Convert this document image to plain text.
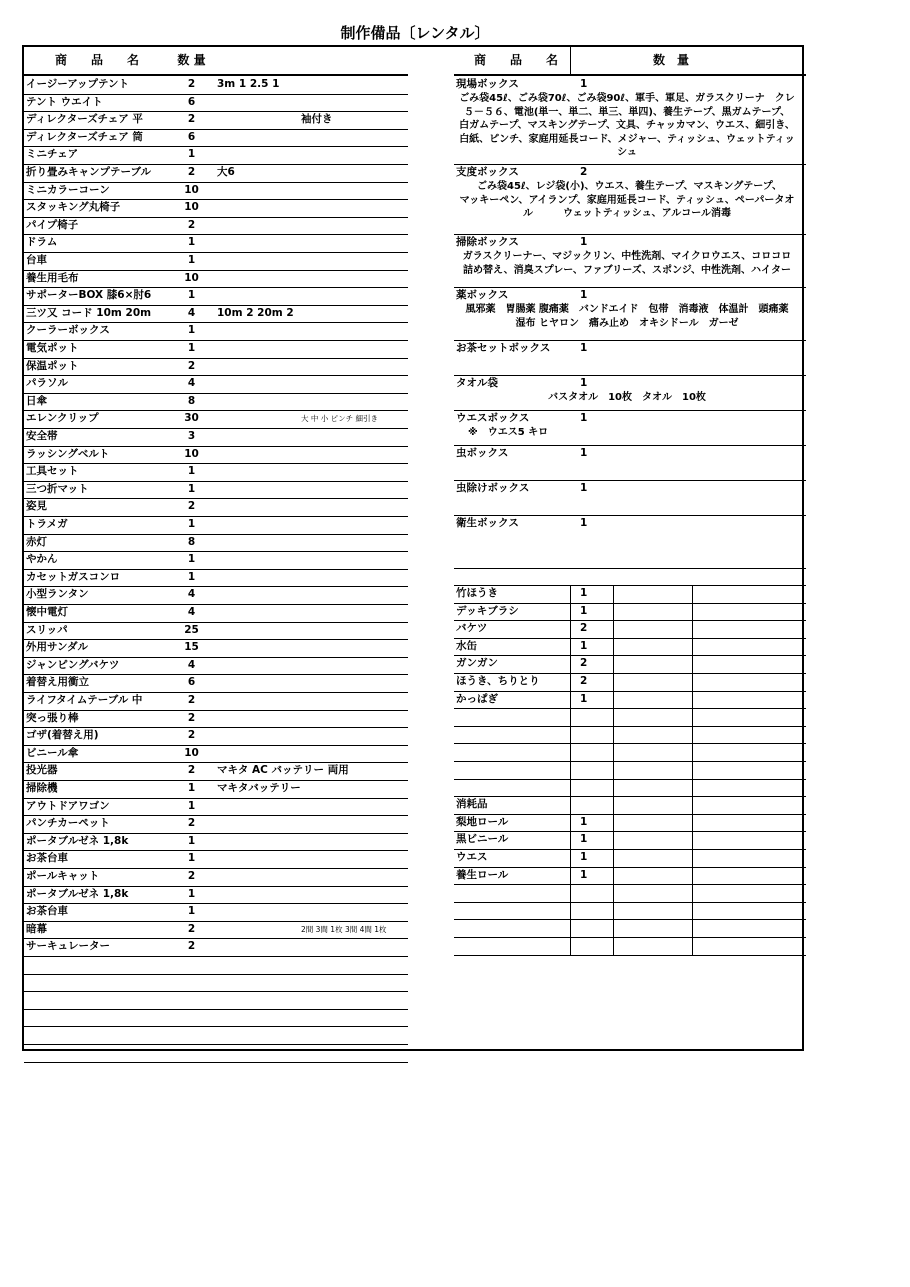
制作備品〔レンタル〕
商　　品　　名	数 量	商　　品　　名	数　量
イージーアップテント	2	3m 1 2.5 1
テント ウエイト	6
ディレクターズチェア 平	2	袖付き
ディレクターズチェア 筒	6
ミニチェア	1
折り畳みキャンプテーブル	2	大6
ミニカラーコーン	10
スタッキング丸椅子	10
パイプ椅子	2
ドラム	1
台車	1
養生用毛布	10
サポーターBOX 膝6×肘6	1
三ツ又 コード 10m 20m	4	10m 2 20m 2
クーラーボックス	1
電気ポット	1
保温ポット	2
パラソル	4
日傘	8
エレンクリップ	30	大 中 小 ピンチ 細引き
安全帯	3
ラッシングベルト	10
工具セット	1
三つ折マット	1
姿見	2
トラメガ	1
赤灯	8
やかん	1
カセットガスコンロ	1
小型ランタン	4
懐中電灯	4
スリッパ	25
外用サンダル	15
ジャンピングバケツ	4
着替え用衝立	6
ライフタイムテーブル 中	2
突っ張り棒	2
ゴザ(着替え用)	2
ビニール傘	10
投光器	2	マキタ AC バッテリー 両用
掃除機	1	マキタバッテリー
アウトドアワゴン	1
パンチカーペット	2
ポータブルゼネ 1,8k	1
お茶台車	1
ポールキャット	2
ポータブルゼネ 1,8k	1
お茶台車	1
暗幕	2	2間 3間 1枚 3間 4間 1枚
サーキュレーター	2
現場ボックス	1
ごみ袋45ℓ、ごみ袋70ℓ、ごみ袋90ℓ、軍手、軍足、ガラスクリーナ　クレ５－５６、電池(単一、単二、単三、単四)、養生テープ、黒ガムテープ、 白ガムテープ、マスキングテープ、文具、チャッカマン、ウエス、細引き、白紙、ピンチ、家庭用延長コード、メジャー、ティッシュ、ウェットティッシュ
支度ボックス	2
ごみ袋45ℓ、レジ袋(小)、ウエス、養生テープ、マスキングテープ、　　　マッキーペン、アイランプ、家庭用延長コード、ティッシュ、ペーパータオル　　　ウェットティッシュ、アルコール消毒
掃除ボックス	1
ガラスクリーナー、マジックリン、中性洗剤、マイクロウエス、コロコロ詰め替え、消臭スプレー、ファブリーズ、スポンジ、中性洗剤、ハイター
薬ボックス	1
風邪薬　胃腸薬 腹痛薬　バンドエイド　包帯　消毒液　体温計　頭痛薬　湿布 ヒヤロン　痛み止め　オキシドール　ガーゼ
お茶セットボックス	1
タオル袋	1
バスタオル　10枚　タオル　10枚
ウエスボックス	1
※　ウエス5 キロ
虫ボックス	1
虫除けボックス	1
衛生ボックス	1
竹ほうき	1
デッキブラシ	1
バケツ	2
水缶	1
ガンガン	2
ほうき、ちりとり	2
かっぱぎ	1
消耗品
梨地ロール	1
黒ビニール	1
ウエス	1
養生ロール	1
